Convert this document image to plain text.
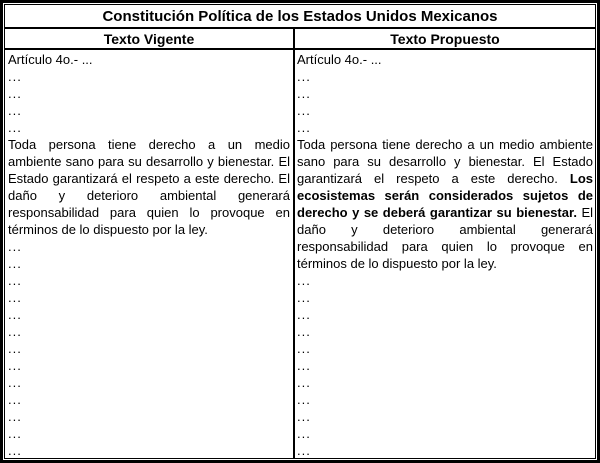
Constitución Política de los Estados Unidos Mexicanos
Texto Vigente	Texto Propuesto
Artículo 4o.- ...
...
...
...
...

Toda persona tiene derecho a un medio ambiente sano para su desarrollo y bienestar. El Estado garantizará el respeto a este derecho. El daño y deterioro ambiental generará responsabilidad para quien lo provoque en términos de lo dispuesto por la ley.

...
...
...
...
...
...
...
...
...
...
...
...
...
Artículo 4o.- ...
...
...
...
...

Toda persona tiene derecho a un medio ambiente sano para su desarrollo y bienestar. El Estado garantizará el respeto a este derecho. Los ecosistemas serán considerados sujetos de derecho y se deberá garantizar su bienestar. El daño y deterioro ambiental generará responsabilidad para quien lo provoque en términos de lo dispuesto por la ley.

...
...
...
...
...
...
...
...
...
...
...
